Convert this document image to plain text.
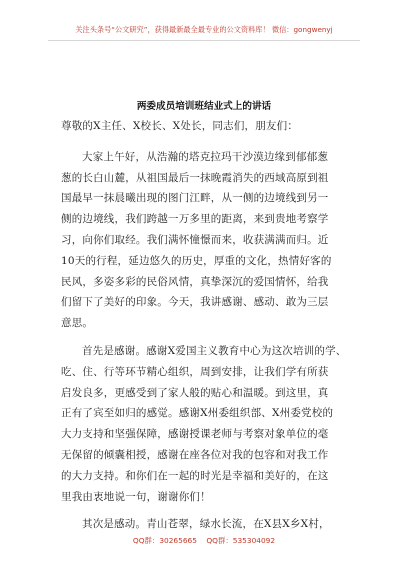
关注头条号“公文研究”，获得最新最全最专业的公文资料库！ 微信：gongwenyj
两委成员培训班结业式上的讲话

尊敬的X主任、X校长、X处长，同志们，朋友们：

大家上午好，从浩瀚的塔克拉玛干沙漠边缘到郁郁葱
葱的长白山麓，从祖国最后一抹晚霞消失的西域高原到祖
国最早一抹晨曦出现的图门江畔，从一侧的边境线到另一
侧的边境线，我们跨越一万多里的距离，来到贵地考察学
习，向你们取经。我们满怀憧憬而来，收获满满而归。近
10天的行程，延边悠久的历史，厚重的文化，热情好客的
民风，多姿多彩的民俗风情，真挚深沉的爱国情怀，给我
们留下了美好的印象。今天，我讲感谢、感动、敢为三层
意思。
首先是感谢。感谢X爱国主义教育中心为这次培训的学、
吃、住、行等环节精心组织，周到安排，让我们学有所获
启发良多，更感受到了家人般的贴心和温暖。到这里，真
正有了宾至如归的感觉。感谢X州委组织部、X州委党校的
大力支持和坚强保障，感谢授课老师与考察对象单位的毫
无保留的倾囊相授，感谢在座各位对我的包容和对我工作
的大力支持。和你们在一起的时光是幸福和美好的，在这
里我由衷地说一句，谢谢你们！
其次是感动。青山苍翠，绿水长流，在X县X乡X村，

QQ群：30265665 QQ群：535304092
